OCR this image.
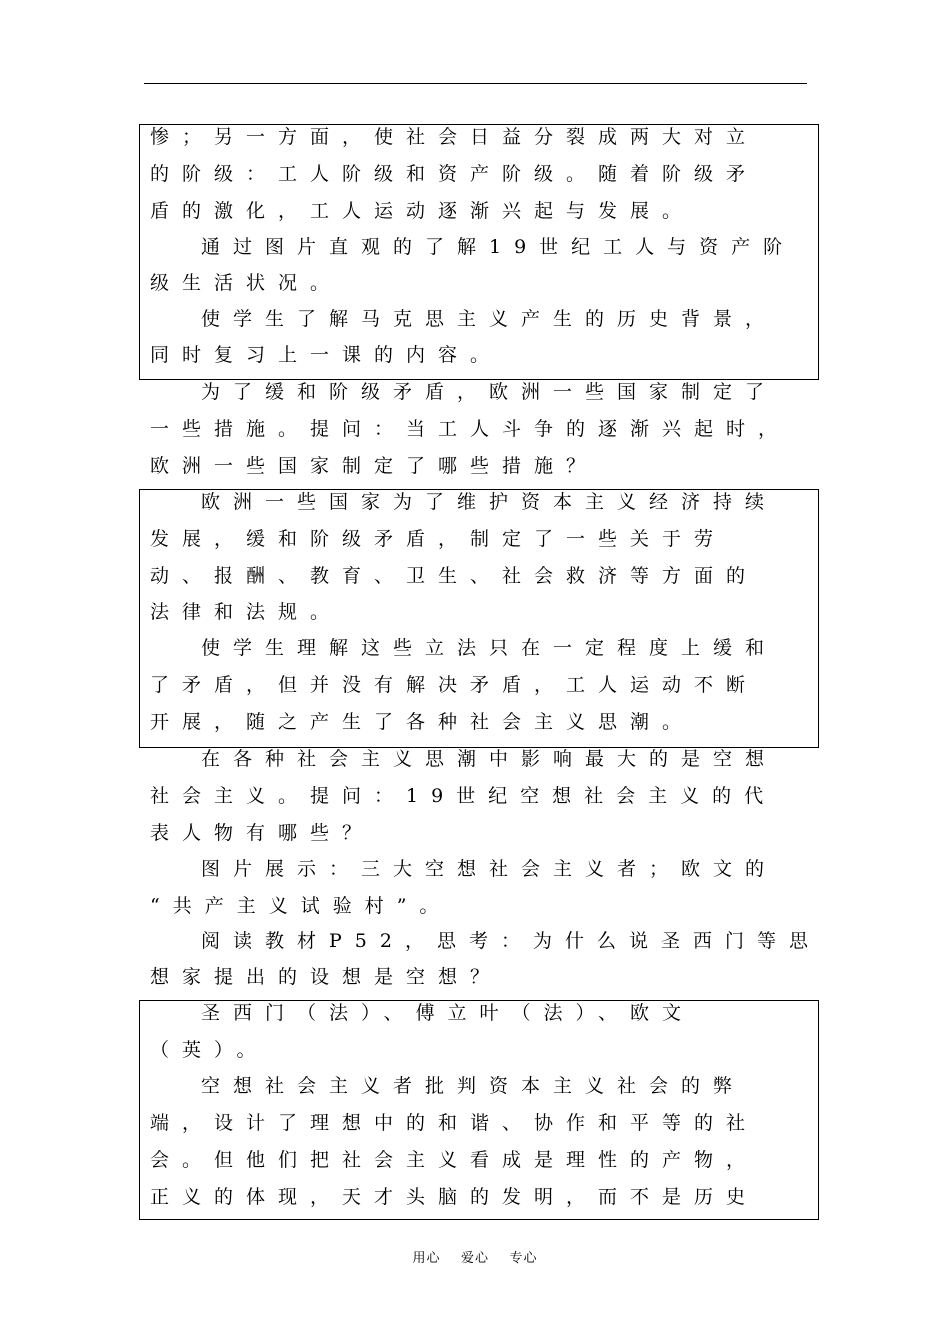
惨；另一方面，使社会日益分裂成两大对立
的阶级：工人阶级和资产阶级。随着阶级矛
盾的激化，工人运动逐渐兴起与发展。
通过图片直观的了解19世纪工人与资产阶
级生活状况。
使学生了解马克思主义产生的历史背景，
同时复习上一课的内容。
为了缓和阶级矛盾，欧洲一些国家制定了
一些措施。提问：当工人斗争的逐渐兴起时，
欧洲一些国家制定了哪些措施？
欧洲一些国家为了维护资本主义经济持续
发展，缓和阶级矛盾，制定了一些关于劳
动、报酬、教育、卫生、社会救济等方面的
法律和法规。
使学生理解这些立法只在一定程度上缓和
了矛盾，但并没有解决矛盾，工人运动不断
开展，随之产生了各种社会主义思潮。
在各种社会主义思潮中影响最大的是空想
社会主义。提问：19世纪空想社会主义的代
表人物有哪些？
图片展示：三大空想社会主义者；欧文的
“共产主义试验村”。
阅读教材P52，思考：为什么说圣西门等思
想家提出的设想是空想？
圣西门（法）、傅立叶（法）、欧文
（英）。
空想社会主义者批判资本主义社会的弊
端，设计了理想中的和谐、协作和平等的社
会。但他们把社会主义看成是理性的产物，
正义的体现，天才头脑的发明，而不是历史
用心    爱心    专心
